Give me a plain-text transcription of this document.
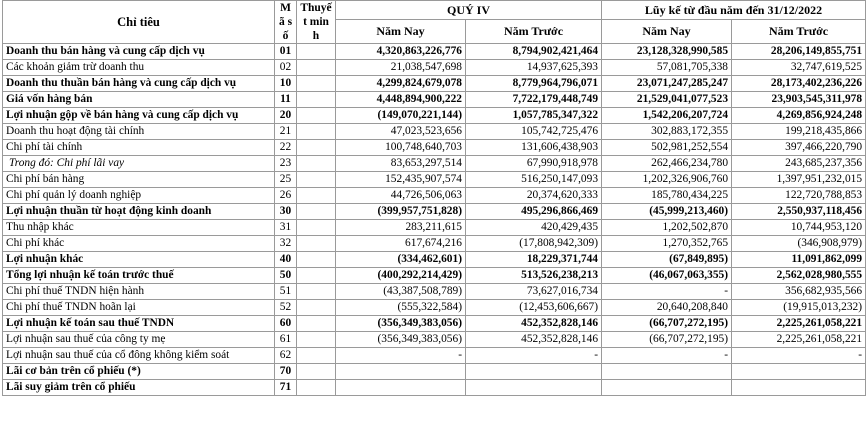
Chỉ tiêu	Mã số	Thuyết minh	QUÝ IV		Lũy kế từ đầu năm đến 31/12/2022	
			Năm Nay	Năm Trước	Năm Nay	Năm Trước
Doanh thu bán hàng và cung cấp dịch vụ	01		4,320,863,226,776	8,794,902,421,464	23,128,328,990,585	28,206,149,855,751
Các khoản giảm trừ doanh thu	02		21,038,547,698	14,937,625,393	57,081,705,338	32,747,619,525
Doanh thu thuần bán hàng và cung cấp dịch vụ	10		4,299,824,679,078	8,779,964,796,071	23,071,247,285,247	28,173,402,236,226
Giá vốn hàng bán	11		4,448,894,900,222	7,722,179,448,749	21,529,041,077,523	23,903,545,311,978
Lợi nhuận gộp về bán hàng và cung cấp dịch vụ	20		(149,070,221,144)	1,057,785,347,322	1,542,206,207,724	4,269,856,924,248
Doanh thu hoạt động tài chính	21		47,023,523,656	105,742,725,476	302,883,172,355	199,218,435,866
Chi phí tài chính	22		100,748,640,703	131,606,438,903	502,981,252,554	397,466,220,790
Trong đó: Chi phí lãi vay	23		83,653,297,514	67,990,918,978	262,466,234,780	243,685,237,356
Chi phí bán hàng	25		152,435,907,574	516,250,147,093	1,202,326,906,760	1,397,951,232,015
Chi phí quản lý doanh nghiệp	26		44,726,506,063	20,374,620,333	185,780,434,225	122,720,788,853
Lợi nhuận thuần từ hoạt động kinh doanh	30		(399,957,751,828)	495,296,866,469	(45,999,213,460)	2,550,937,118,456
Thu nhập khác	31		283,211,615	420,429,435	1,202,502,870	10,744,953,120
Chi phí khác	32		617,674,216	(17,808,942,309)	1,270,352,765	(346,908,979)
Lợi nhuận khác	40		(334,462,601)	18,229,371,744	(67,849,895)	11,091,862,099
Tổng lợi nhuận kế toán trước thuế	50		(400,292,214,429)	513,526,238,213	(46,067,063,355)	2,562,028,980,555
Chi phí thuế TNDN hiện hành	51		(43,387,508,789)	73,627,016,734	-	356,682,935,566
Chi phí thuế TNDN hoãn lại	52		(555,322,584)	(12,453,606,667)	20,640,208,840	(19,915,013,232)
Lợi nhuận kế toán sau thuế TNDN	60		(356,349,383,056)	452,352,828,146	(66,707,272,195)	2,225,261,058,221
Lợi nhuận sau thuế của công ty mẹ	61		(356,349,383,056)	452,352,828,146	(66,707,272,195)	2,225,261,058,221
Lợi nhuận sau thuế của cổ đông không kiểm soát	62		-	-	-	-
Lãi cơ bản trên cổ phiếu (*)	70					
Lãi suy giảm trên cổ phiếu	71					
